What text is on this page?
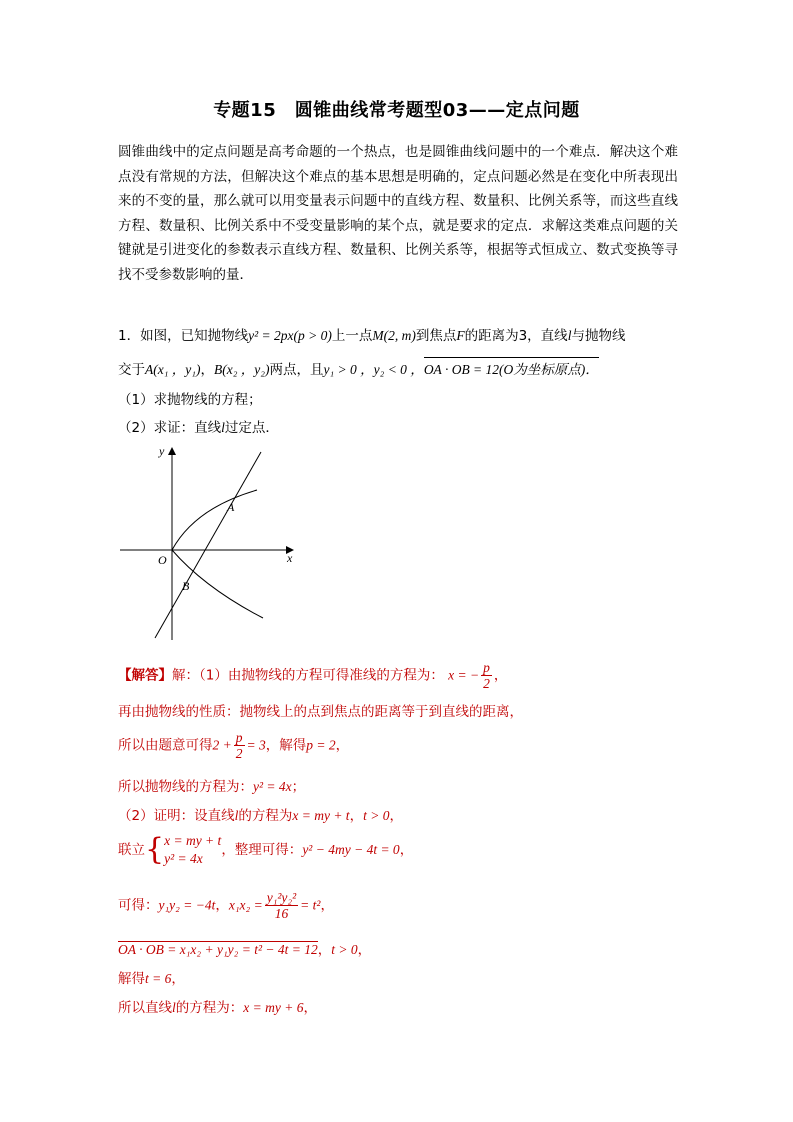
专题15　圆锥曲线常考题型03——定点问题
圆锥曲线中的定点问题是高考命题的一个热点，也是圆锥曲线问题中的一个难点．解决这个难点没有常规的方法，但解决这个难点的基本思想是明确的，定点问题必然是在变化中所表现出来的不变的量，那么就可以用变量表示问题中的直线方程、数量积、比例关系等，而这些直线方程、数量积、比例关系中不受变量影响的某个点，就是要求的定点．求解这类难点问题的关键就是引进变化的参数表示直线方程、数量积、比例关系等，根据等式恒成立、数式变换等寻找不受参数影响的量．
1．如图，已知抛物线y² = 2px(p > 0)上一点M(2, m)到焦点F的距离为3，直线l与抛物线
交于A(x₁ ，y₁)，B(x₂ ，y₂)两点，且y₁ > 0 ，y₂ < 0 ，OA · OB = 12(O为坐标原点)．
（1）求抛物线的方程；
（2）求证：直线l过定点．
y
x
O
A
B
【解答】解：（1）由抛物线的方程可得准线的方程为： x = − $\frac{p}{2}$ ，
再由抛物线的性质：抛物线上的点到焦点的距离等于到直线的距离，
所以由题意可得$2 + \frac{p}{2} = 3$，解得p = 2，
所以抛物线的方程为：y² = 4x；
（2）证明：设直线l的方程为x = my + t，t > 0，
联立{ x = my + t
y² = 4x
，整理可得：y² − 4my − 4t = 0，
可得：y₁y₂ = −4t，$x_1x_2 = \frac{\text{y₁²y₂²}}{16} = t^2$，
OA · OB = x₁x₂ + y₁y₂ = t² − 4t = 12，t > 0，
解得t = 6，
所以直线l的方程为：x = my + 6，
